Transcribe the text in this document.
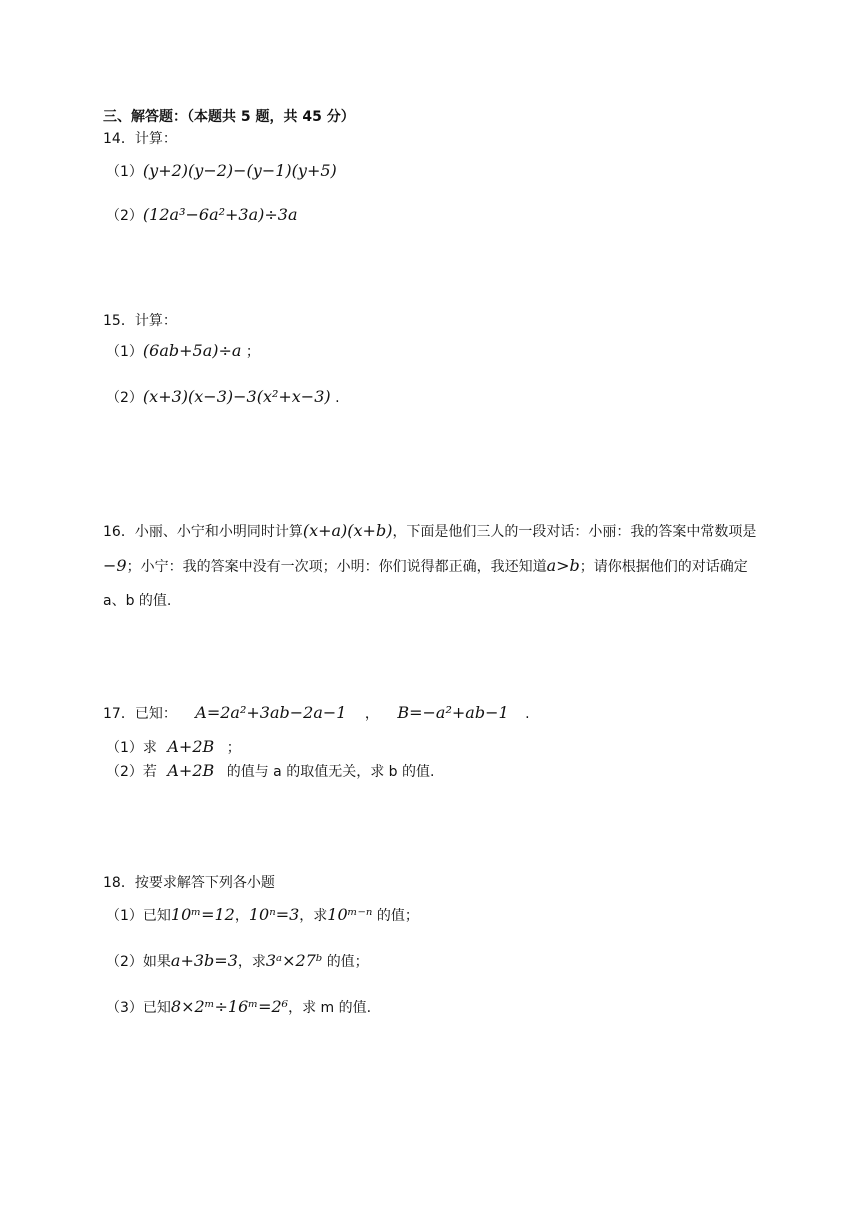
三、解答题：（本题共 5 题，共 45 分）
14．计算：
（1）(y+2)(y−2)−(y−1)(y+5)
（2）(12a³−6a²+3a)÷3a
15．计算：
（1）(6ab+5a)÷a ；
（2）(x+3)(x−3)−3(x²+x−3) .
16．小丽、小宁和小明同时计算(x+a)(x+b)，下面是他们三人的一段对话：小丽：我的答案中常数项是−9；小宁：我的答案中没有一次项；小明：你们说得都正确，我还知道a>b；请你根据他们的对话确定 a、b 的值.
17．已知： A=2a²+3ab−2a−1 ， B=−a²+ab−1 .
（1）求 A+2B ；
（2）若 A+2B 的值与 a 的取值无关，求 b 的值.
18．按要求解答下列各小题
（1）已知10ᵐ=12，10ⁿ=3，求10ᵐ⁻ⁿ 的值；
（2）如果a+3b=3，求3ᵃ×27ᵇ 的值；
（3）已知8×2ᵐ÷16ᵐ=2⁶，求 m 的值.
